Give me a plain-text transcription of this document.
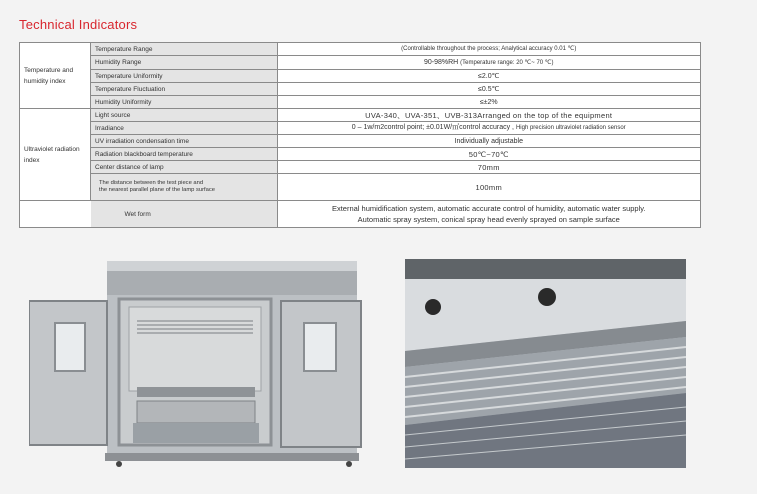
Technical Indicators
Temperature and humidity index	Temperature Range	(Controllable throughout the process; Analytical accuracy 0.01 ℃)
	Humidity Range	90-98%RH (Temperature range: 20 ℃~ 70 ℃)
	Temperature Uniformity	≤2.0℃
	Temperature Fluctuation	≤0.5℃
	Humidity Uniformity	≤±2%
Ultraviolet radiation index	Light source	UVA-340、UVA-351、UVB-313Arranged on the top of the equipment
	Irradiance	0 – 1w/m2control point; ±0.01W/㎡control accuracy , High precision ultraviolet radiation sensor
	UV irradiation condensation time	Individually adjustable
	Radiation blackboard temperature	50℃~70℃
	Center distance of lamp	70mm

	The distance between the test piece and
the nearest parallel plane of the lamp surface	100mm
	Wet form	External humidification system, automatic accurate control of humidity, automatic water supply.
Automatic spray system, conical spray head evenly sprayed on sample surface
